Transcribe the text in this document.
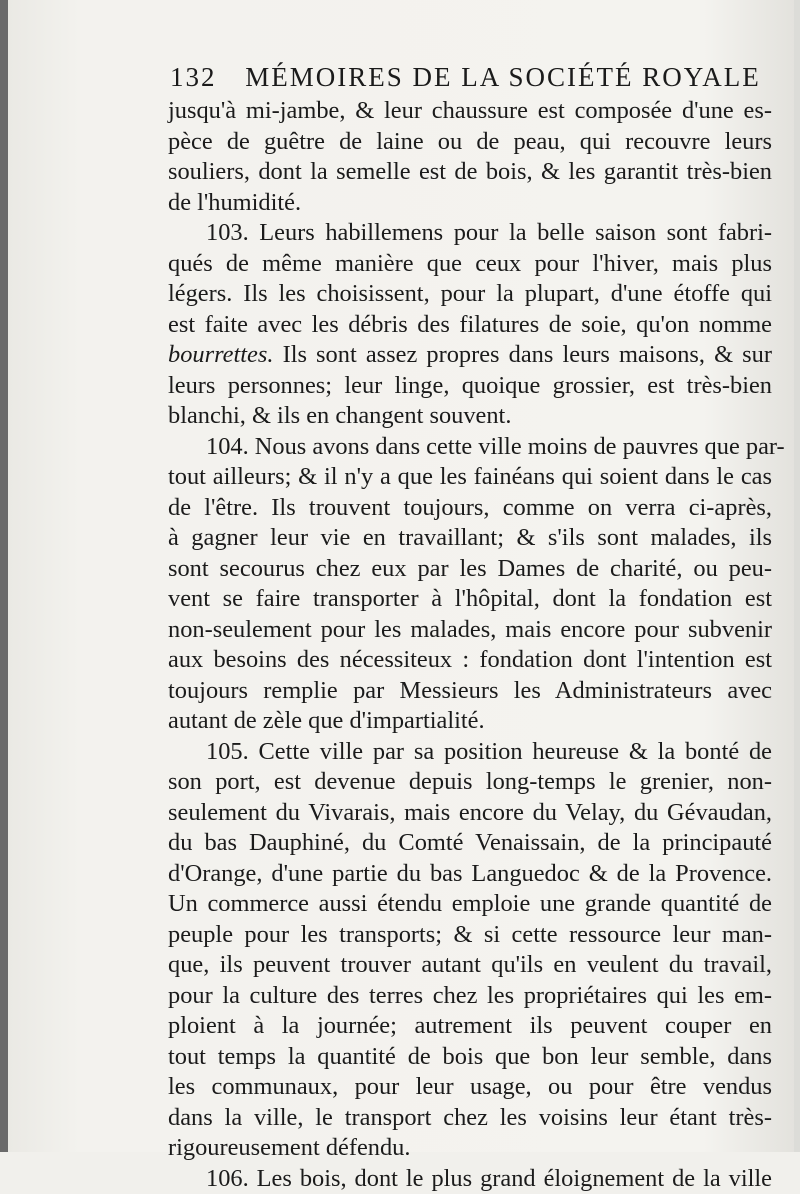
132 MÉMOIRES DE LA SOCIÉTÉ ROYALE
jusqu'à mi-jambe, & leur chaussure est composée d'une es-
pèce de guêtre de laine ou de peau, qui recouvre leurs
souliers, dont la semelle est de bois, & les garantit très-bien
de l'humidité.
103. Leurs habillemens pour la belle saison sont fabri-
qués de même manière que ceux pour l'hiver, mais plus
légers. Ils les choisissent, pour la plupart, d'une étoffe qui
est faite avec les débris des filatures de soie, qu'on nomme
bourrettes. Ils sont assez propres dans leurs maisons, & sur
leurs personnes; leur linge, quoique grossier, est très-bien
blanchi, & ils en changent souvent.
104. Nous avons dans cette ville moins de pauvres que par-
tout ailleurs; & il n'y a que les fainéans qui soient dans le cas
de l'être. Ils trouvent toujours, comme on verra ci-après,
à gagner leur vie en travaillant; & s'ils sont malades, ils
sont secourus chez eux par les Dames de charité, ou peu-
vent se faire transporter à l'hôpital, dont la fondation est
non-seulement pour les malades, mais encore pour subvenir
aux besoins des nécessiteux : fondation dont l'intention est
toujours remplie par Messieurs les Administrateurs avec
autant de zèle que d'impartialité.
105. Cette ville par sa position heureuse & la bonté de
son port, est devenue depuis long-temps le grenier, non-
seulement du Vivarais, mais encore du Velay, du Gévaudan,
du bas Dauphiné, du Comté Venaissain, de la principauté
d'Orange, d'une partie du bas Languedoc & de la Provence.
Un commerce aussi étendu emploie une grande quantité de
peuple pour les transports; & si cette ressource leur man-
que, ils peuvent trouver autant qu'ils en veulent du travail,
pour la culture des terres chez les propriétaires qui les em-
ploient à la journée; autrement ils peuvent couper en
tout temps la quantité de bois que bon leur semble, dans
les communaux, pour leur usage, ou pour être vendus
dans la ville, le transport chez les voisins leur étant très-
rigoureusement défendu.
106. Les bois, dont le plus grand éloignement de la ville
